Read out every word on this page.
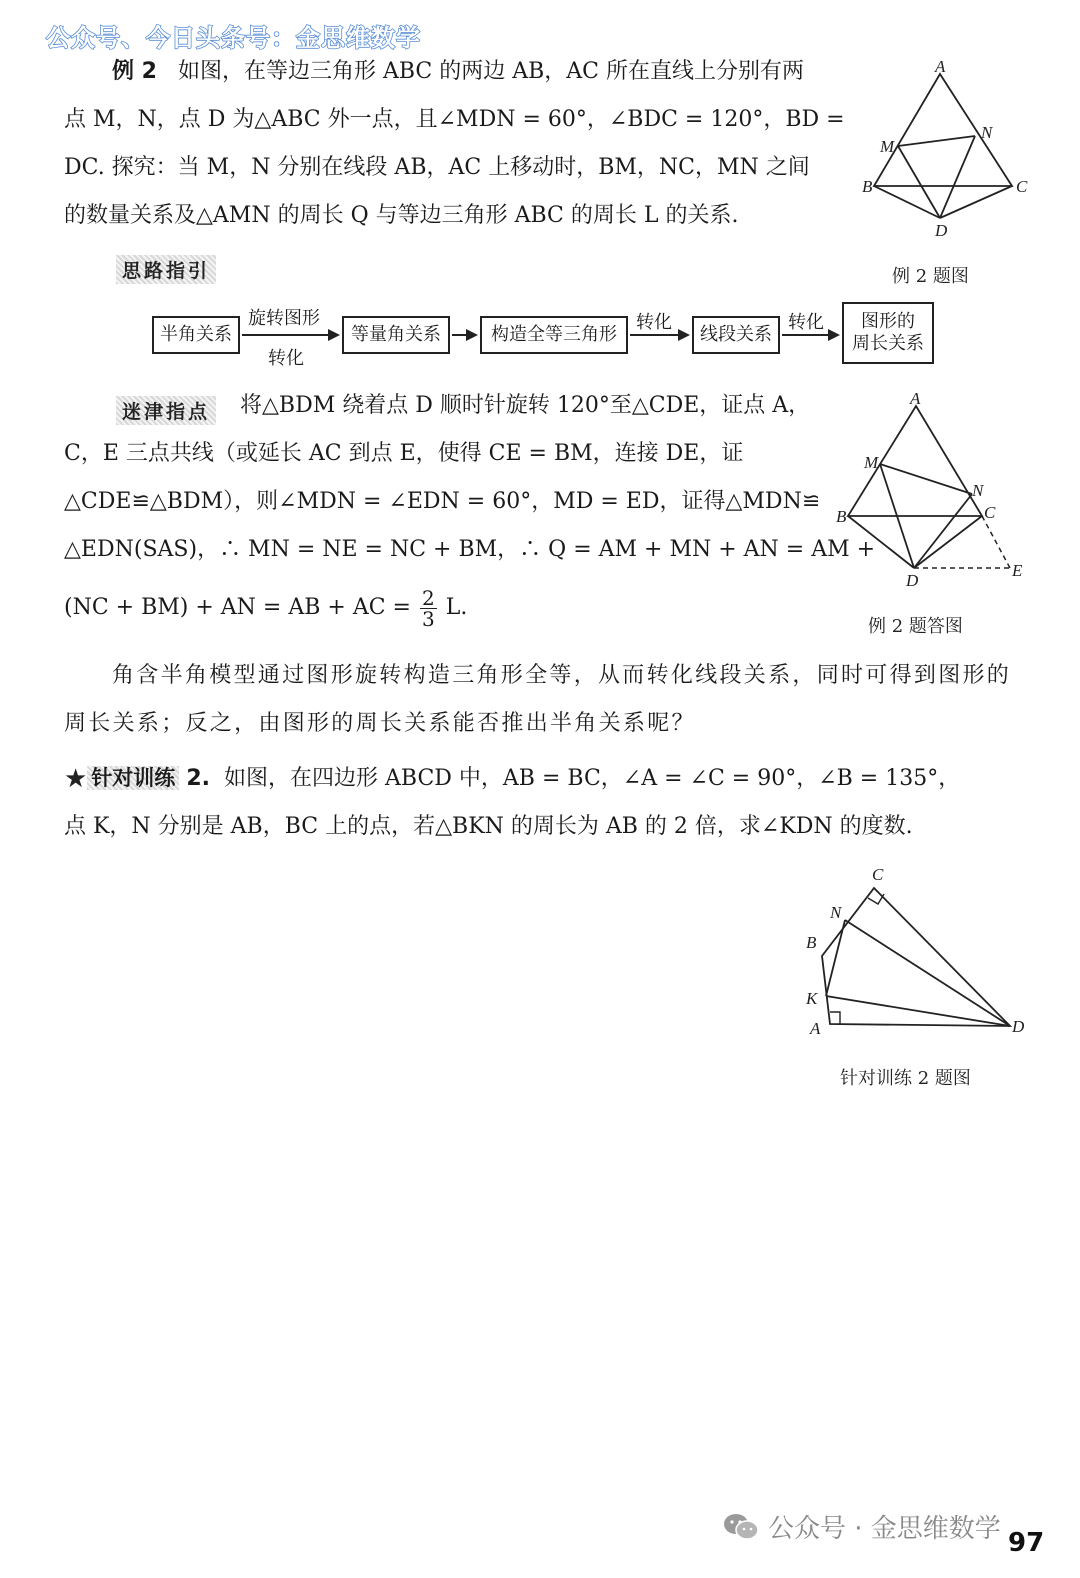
公众号、今日头条号：金思维数学
例 2 如图，在等边三角形 ABC 的两边 AB，AC 所在直线上分别有两
点 M，N，点 D 为△ABC 外一点，且∠MDN = 60°，∠BDC = 120°，BD =
DC. 探究：当 M，N 分别在线段 AB，AC 上移动时，BM，NC，MN 之间
的数量关系及△AMN 的周长 Q 与等边三角形 ABC 的周长 L 的关系.
A
B	C
D
M
N
例 2 题图
思路指引
半角关系
旋转图形
转化
等量角关系	构造全等三角形
转化
线段关系
转化 图形的
周长关系
迷津指点	将△BDM 绕着点 D 顺时针旋转 120°至△CDE，证点 A，
C，E 三点共线（或延长 AC 到点 E，使得 CE = BM，连接 DE，证
△CDE≌△BDM），则∠MDN = ∠EDN = 60°，MD = ED，证得△MDN≌
△EDN(SAS)，∴ MN = NE = NC + BM，∴ Q = AM + MN + AN = AM +
(NC + BM) + AN = AB + AC = $\frac{2}{3} L$.
A
B	C
D
E
M
N
例 2 题答图
角含半角模型通过图形旋转构造三角形全等，从而转化线段关系，同时可得到图形的
周长关系；反之，由图形的周长关系能否推出半角关系呢？
★ 针对训练 2. 如图，在四边形 ABCD 中，AB = BC，∠A = ∠C = 90°，∠B = 135°，
点 K，N 分别是 AB，BC 上的点，若△BKN 的周长为 AB 的 2 倍，求∠KDN 的度数.
C
N
B
K
A	D
针对训练 2 题图
公众号 · 金思维数学 97
